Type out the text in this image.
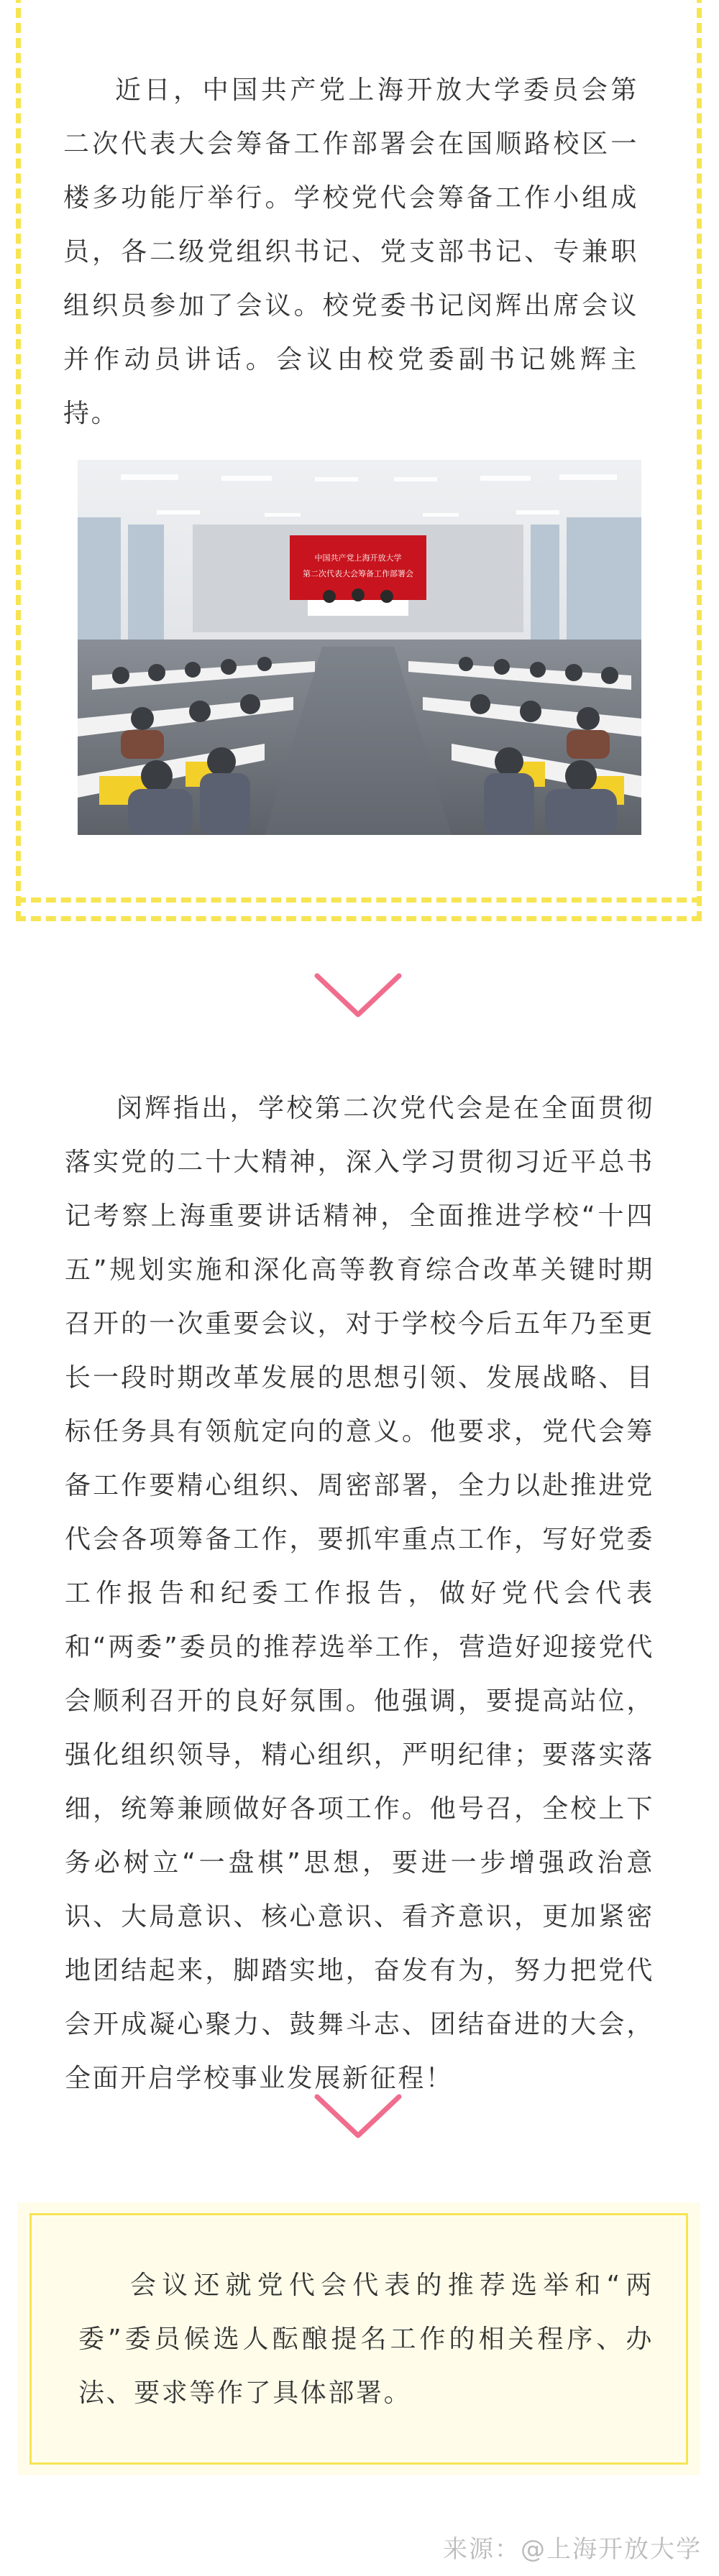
近日，中国共产党上海开放大学委员会第二次代表大会筹备工作部署会在国顺路校区一楼多功能厅举行。学校党代会筹备工作小组成员，各二级党组织书记、党支部书记、专兼职组织员参加了会议。校党委书记闵辉出席会议并作动员讲话。会议由校党委副书记姚辉主持。

中国共产党上海开放大学
第二次代表大会筹备工作部署会

闵辉指出，学校第二次党代会是在全面贯彻落实党的二十大精神，深入学习贯彻习近平总书记考察上海重要讲话精神，全面推进学校“十四五”规划实施和深化高等教育综合改革关键时期召开的一次重要会议，对于学校今后五年乃至更长一段时期改革发展的思想引领、发展战略、目标任务具有领航定向的意义。他要求，党代会筹备工作要精心组织、周密部署，全力以赴推进党代会各项筹备工作，要抓牢重点工作，写好党委工作报告和纪委工作报告，做好党代会代表和“两委”委员的推荐选举工作，营造好迎接党代会顺利召开的良好氛围。他强调，要提高站位，强化组织领导，精心组织，严明纪律；要落实落细，统筹兼顾做好各项工作。他号召，全校上下务必树立“一盘棋”思想，要进一步增强政治意识、大局意识、核心意识、看齐意识，更加紧密地团结起来，脚踏实地，奋发有为，努力把党代会开成凝心聚力、鼓舞斗志、团结奋进的大会，全面开启学校事业发展新征程！

会议还就党代会代表的推荐选举和“两委”委员候选人酝酿提名工作的相关程序、办法、要求等作了具体部署。

来源：@上海开放大学
